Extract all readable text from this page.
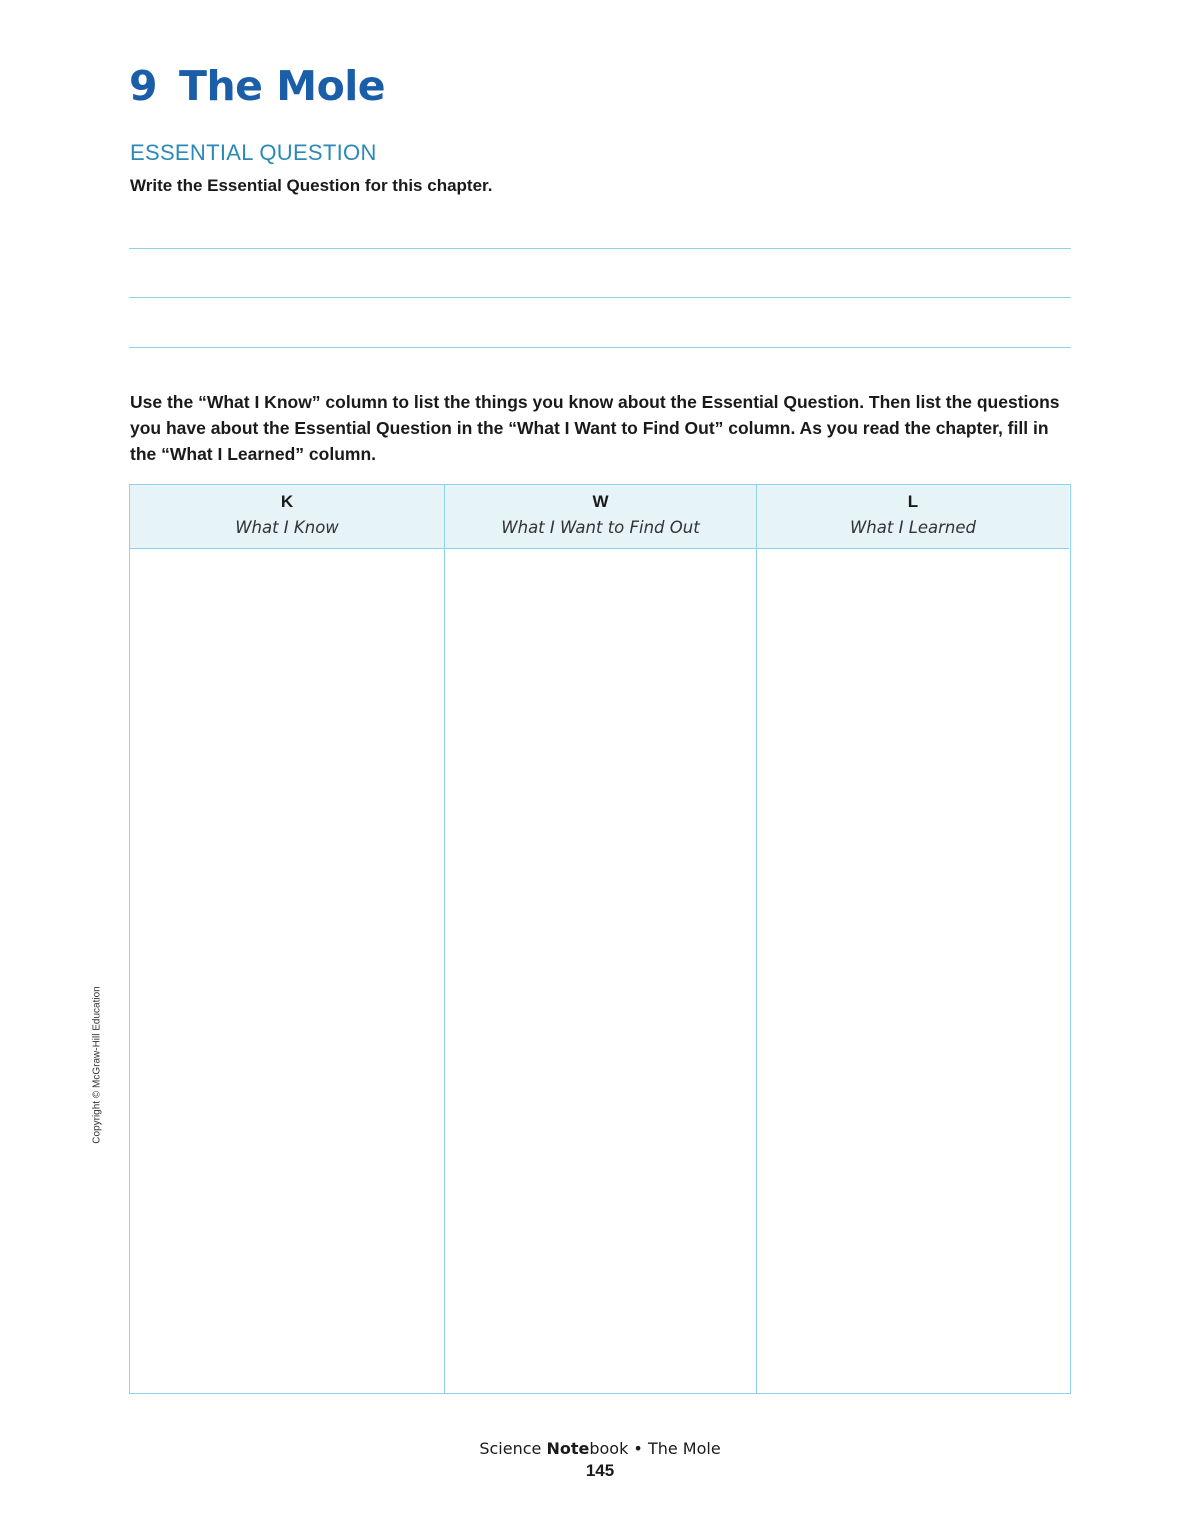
9 The Mole
ESSENTIAL QUESTION

Write the Essential Question for this chapter.

Use the “What I Know” column to list the things you know about the Essential Question. Then list the questions you have about the Essential Question in the “What I Want to Find Out” column. As you read the chapter, fill in the “What I Learned” column.

K
What I Know
W
What I Want to Find Out
L
What I Learned
Copyright © McGraw-Hill Education
Science Notebook • The Mole
145
